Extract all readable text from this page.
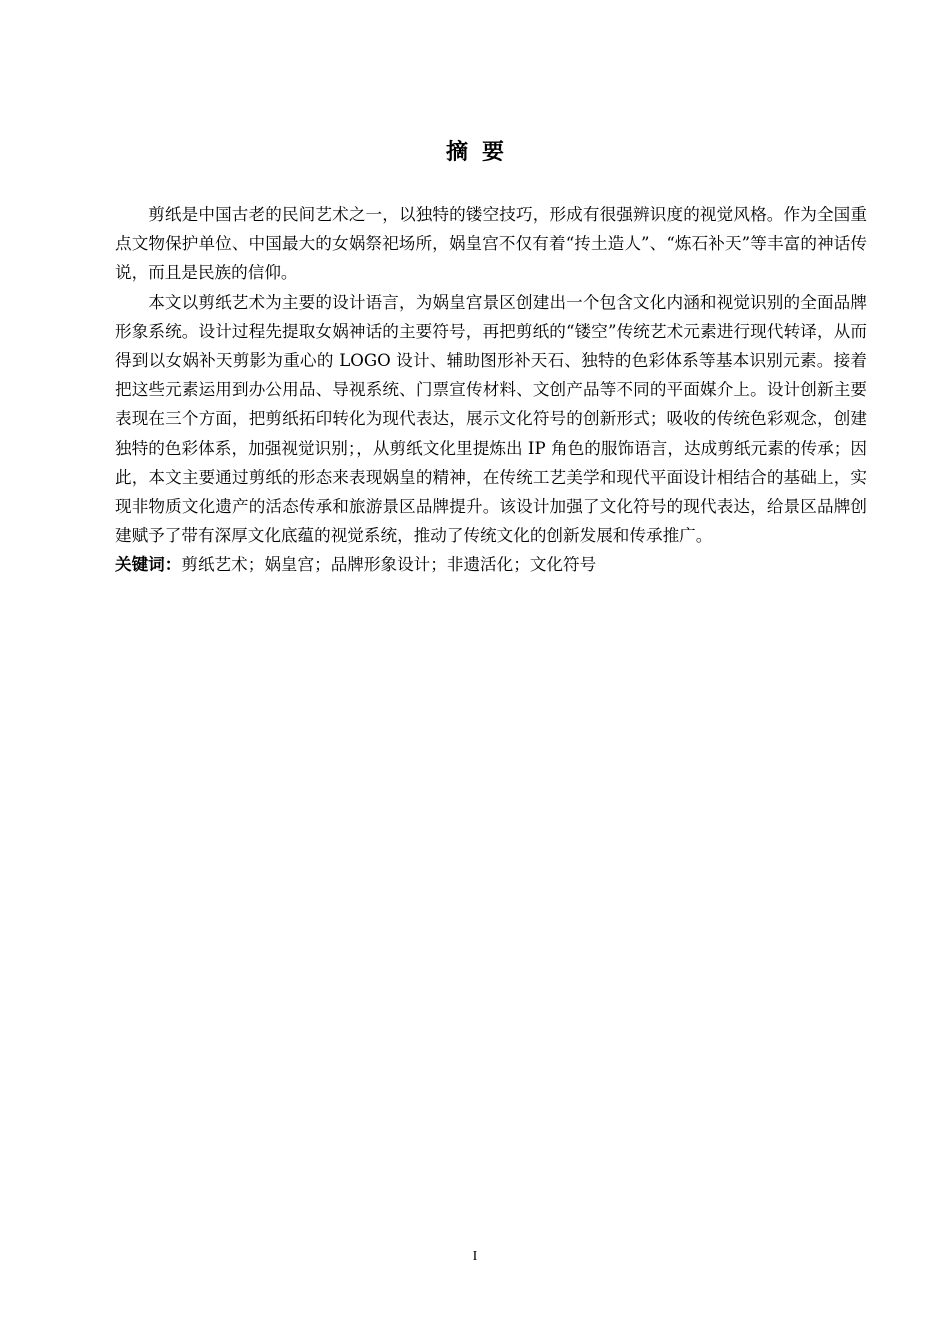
摘要

剪纸是中国古老的民间艺术之一，以独特的镂空技巧，形成有很强辨识度的视觉风格。作为全国重点文物保护单位、中国最大的女娲祭祀场所，娲皇宫不仅有着“抟土造人”、“炼石补天”等丰富的神话传说，而且是民族的信仰。

本文以剪纸艺术为主要的设计语言，为娲皇宫景区创建出一个包含文化内涵和视觉识别的全面品牌形象系统。设计过程先提取女娲神话的主要符号，再把剪纸的“镂空”传统艺术元素进行现代转译，从而得到以女娲补天剪影为重心的 LOGO 设计、辅助图形补天石、独特的色彩体系等基本识别元素。接着把这些元素运用到办公用品、导视系统、门票宣传材料、文创产品等不同的平面媒介上。设计创新主要表现在三个方面，把剪纸拓印转化为现代表达，展示文化符号的创新形式；吸收的传统色彩观念，创建独特的色彩体系，加强视觉识别；，从剪纸文化里提炼出 IP 角色的服饰语言，达成剪纸元素的传承；因此，本文主要通过剪纸的形态来表现娲皇的精神，在传统工艺美学和现代平面设计相结合的基础上，实现非物质文化遗产的活态传承和旅游景区品牌提升。该设计加强了文化符号的现代表达，给景区品牌创建赋予了带有深厚文化底蕴的视觉系统，推动了传统文化的创新发展和传承推广。

关键词：剪纸艺术；娲皇宫；品牌形象设计；非遗活化；文化符号

I
